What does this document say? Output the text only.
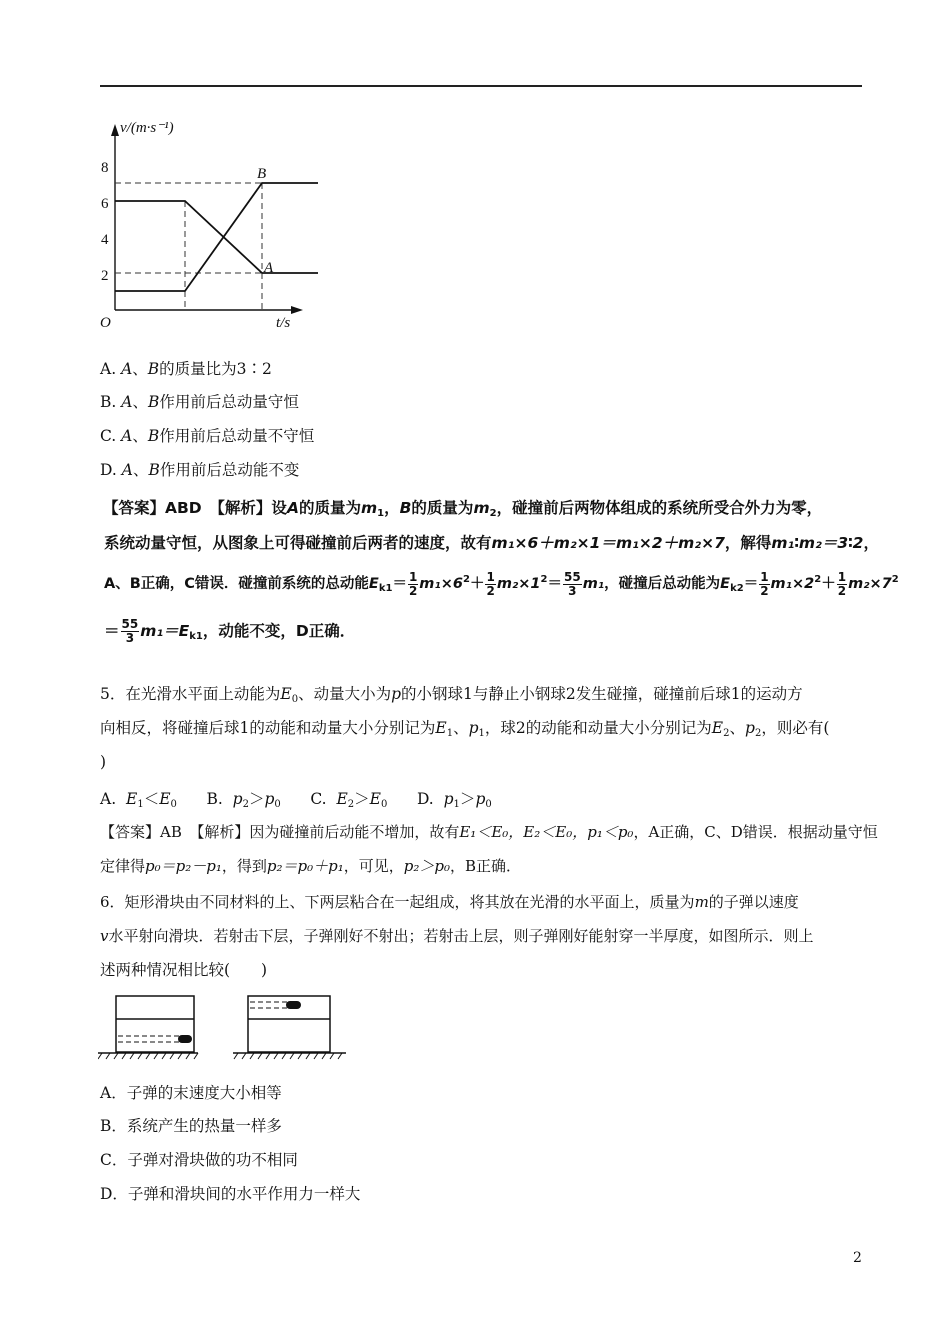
v/(m·s⁻¹)
t/s
O
8
6
4
2
B
A
A. A、B的质量比为3∶2
B. A、B作用前后总动量守恒
C. A、B作用前后总动量不守恒
D. A、B作用前后总动能不变
【答案】ABD　【解析】设A的质量为$m_1$，B的质量为$m_2$，碰撞前后两物体组成的系统所受合外力为零，
系统动量守恒，从图象上可得碰撞前后两者的速度，故有m₁×6＋m₂×1＝m₁×2＋m₂×7，解得m₁∶m₂＝3∶2，
A、B正确，C错误．碰撞前系统的总动能$E_{k1}= \frac{1}{2} m_1\times 6^2+ \frac{1}{2} m_2\times 1^2= \frac{55}{3} m_1$，碰撞后总动能为$E_{k2}= \frac{1}{2} m_1\times 2^2+ \frac{1}{2} m_2\times 7^2$
＝ $\frac{55}{3} m_1=E_{k1}$，动能不变，D正确．
5．在光滑水平面上动能为$E_0$、动量大小为p的小钢球1与静止小钢球2发生碰撞，碰撞前后球1的运动方
向相反，将碰撞后球1的动能和动量大小分别记为$E_1$、$p_1$，球2的动能和动量大小分别记为$E_2$、$p_2$，则必有(
)
A. $E_1<E_0$ B. $p_2>p_0$ C. $E_2>E_0$ D. $p_1>p_0$
【答案】AB　【解析】因为碰撞前后动能不增加，故有E₁＜E₀，E₂＜E₀，p₁＜p₀，A正确，C、D错误．根据动量守恒
定律得p₀＝p₂－p₁，得到p₂＝p₀＋p₁，可见，p₂＞p₀，B正确．
6．矩形滑块由不同材料的上、下两层粘合在一起组成，将其放在光滑的水平面上，质量为m的子弹以速度
v水平射向滑块．若射击下层，子弹刚好不射出；若射击上层，则子弹刚好能射穿一半厚度，如图所示．则上
述两种情况相比较(　　)
A．子弹的末速度大小相等
B．系统产生的热量一样多
C．子弹对滑块做的功不相同
D．子弹和滑块间的水平作用力一样大
2
